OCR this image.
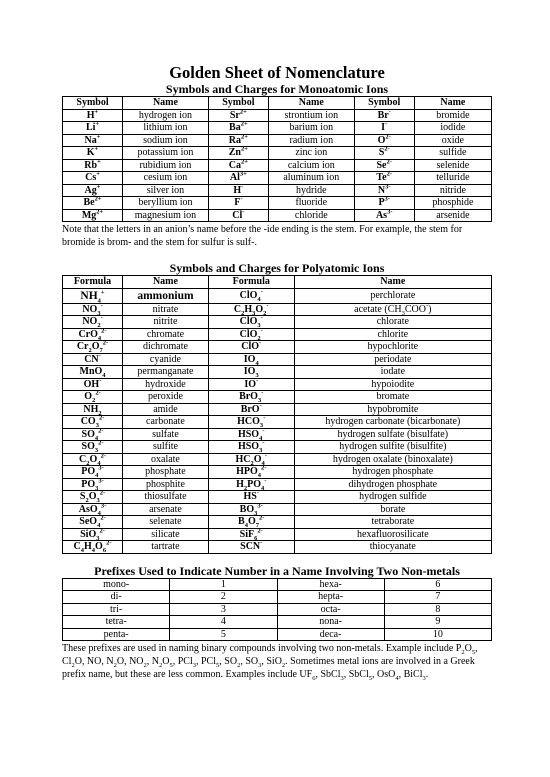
Golden Sheet of Nomenclature
Symbols and Charges for Monoatomic Ions
Symbol	Name	Symbol	Name	Symbol	Name
H+	hydrogen ion	$Sr^{2+}$	strontium ion	Br-	bromide
Li+	lithium ion	$Ba^{2+}$	barium ion	I-	iodide
Na+	sodium ion	$Ra^{2+}$	radium ion	$O^{2-}$	oxide
K+	potassium ion	$Zn^{2+}$	zinc ion	$S^{2-}$	sulfide
Rb+	rubidium ion	$Ca^{2+}$	calcium ion	$Se^{2-}$	selenide
Cs+	cesium ion	$Al^{3+}$	aluminum ion	$Te^{2-}$	telluride
Ag+	silver ion	H-	hydride	$N^{3-}$	nitride
$Be^{2+}$	beryllium ion	F-	fluoride	$P^{3-}$	phosphide
$Mg^{2+}$	magnesium ion	Cl-	chloride	$As^{3-}$	arsenide

Note that the letters in an anion’s name before the -ide ending is the stem. For example, the stem for bromide is brom- and the stem for sulfur is sulf-.

Symbols and Charges for Polyatomic Ions
Formula	Name	Formula	Name
$NH_4^+$	ammonium	ClO$_4$-	perchlorate
$NO_3^-$	nitrate	$C_2H_3O_2^-$	acetate $(CH_3COO^-)$
$NO_2^-$	nitrite	ClO$_3$-	chlorate
CrO$_4^{2-}$	chromate	ClO$_2$-	chlorite
$Cr_2O_7^{2-}$	dichromate	ClO-	hypochlorite
CN-	cyanide	$IO_4$	periodate
MnO$_4$	permanganate	$IO_3$	iodate
OH-	hydroxide	IO-	hypoiodite
$O_2^{2-}$	peroxide	BrO$_3$-	bromate
$NH_2$	amide	BrO-	hypobromite
$CO_3^{2-}$	carbonate	$HCO_3^-$	hydrogen carbonate (bicarbonate)
$SO_4^{2-}$	sulfate	$HSO_4^-$	hydrogen sulfate (bisulfate)
$SO_3^{2-}$	sulfite	$HSO_3^-$	hydrogen sulfite (bisulfite)
$C_2O_4^{2-}$	oxalate	$HC_2O_4^-$	hydrogen oxalate (binoxalate)
$PO_4^{3-}$	phosphate	$HPO_4^{2-}$	hydrogen phosphate
$PO_3^{3-}$	phosphite	$H_2PO_4^-$	dihydrogen phosphate
$S_2O_3^{2-}$	thiosulfate	HS-	hydrogen sulfide
AsO$_4^{3-}$	arsenate	$BO_3^{3-}$	borate
SeO$_4^{2-}$	selenate	$B_4O_7^{2-}$	tetraborate
SiO$_3^{2-}$	silicate	SiF$_6^{2-}$	hexafluorosilicate
$C_4H_4O_6^{2-}$	tartrate	SCN-	thiocyanate
Prefixes Used to Indicate Number in a Name Involving Two Non-metals
mono-	1	hexa-	6
di-	2	hepta-	7
tri-	3	octa-	8
tetra-	4	nona-	9
penta-	5	deca-	10

These prefixes are used in naming binary compounds involving two non-metals. Example include $P_2O_5$, $Cl_2O$, NO, $N_2O$, $NO_2$, $N_2O_5$, PCl$_3$, PCl$_5$, $SO_2$, $SO_3$, SiO$_2$. Sometimes metal ions are involved in a Greek prefix name, but these are less common. Examples include $UF_6$, SbCl$_3$, SbCl$_5$, OsO$_4$, BiCl$_3$.
